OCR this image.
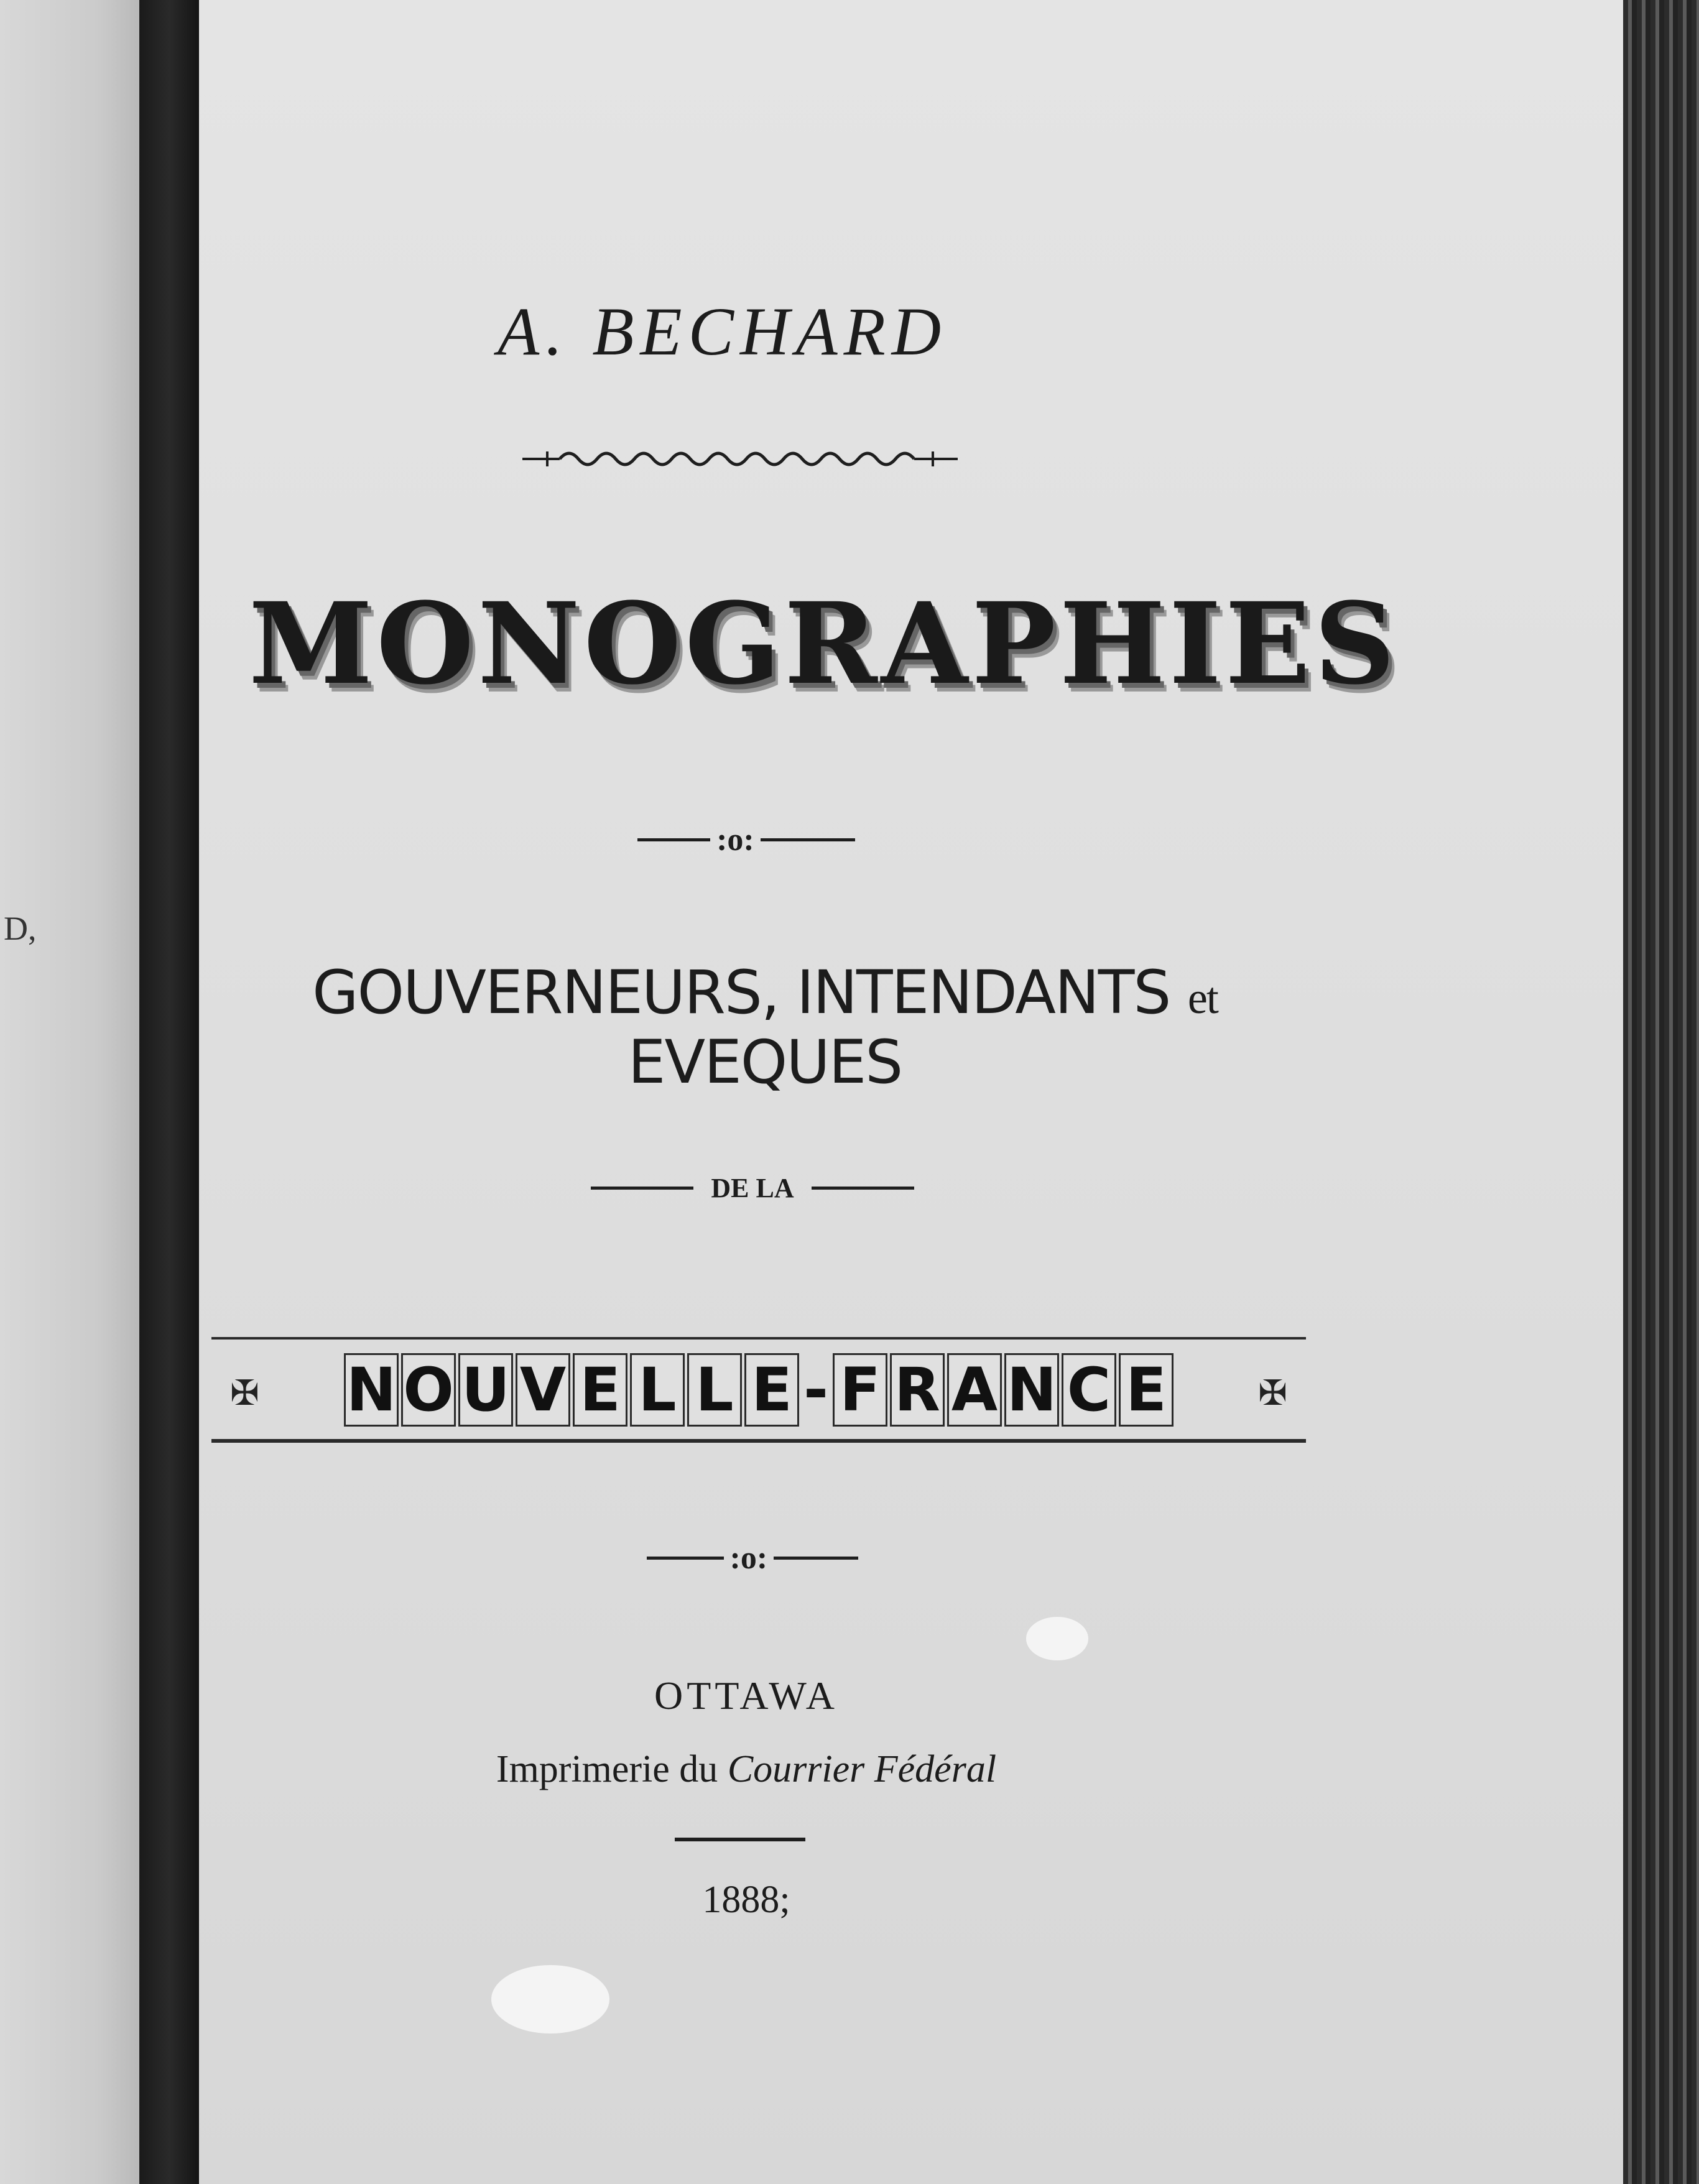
D,
A. BECHARD
MONOGRAPHIES
:o:
GOUVERNEURS, INTENDANTS et EVEQUES
DE LA
✠ N O U V E L L E - F R A N C E	✠
:o:
OTTAWA
Imprimerie du Courrier Fédéral
1888;
